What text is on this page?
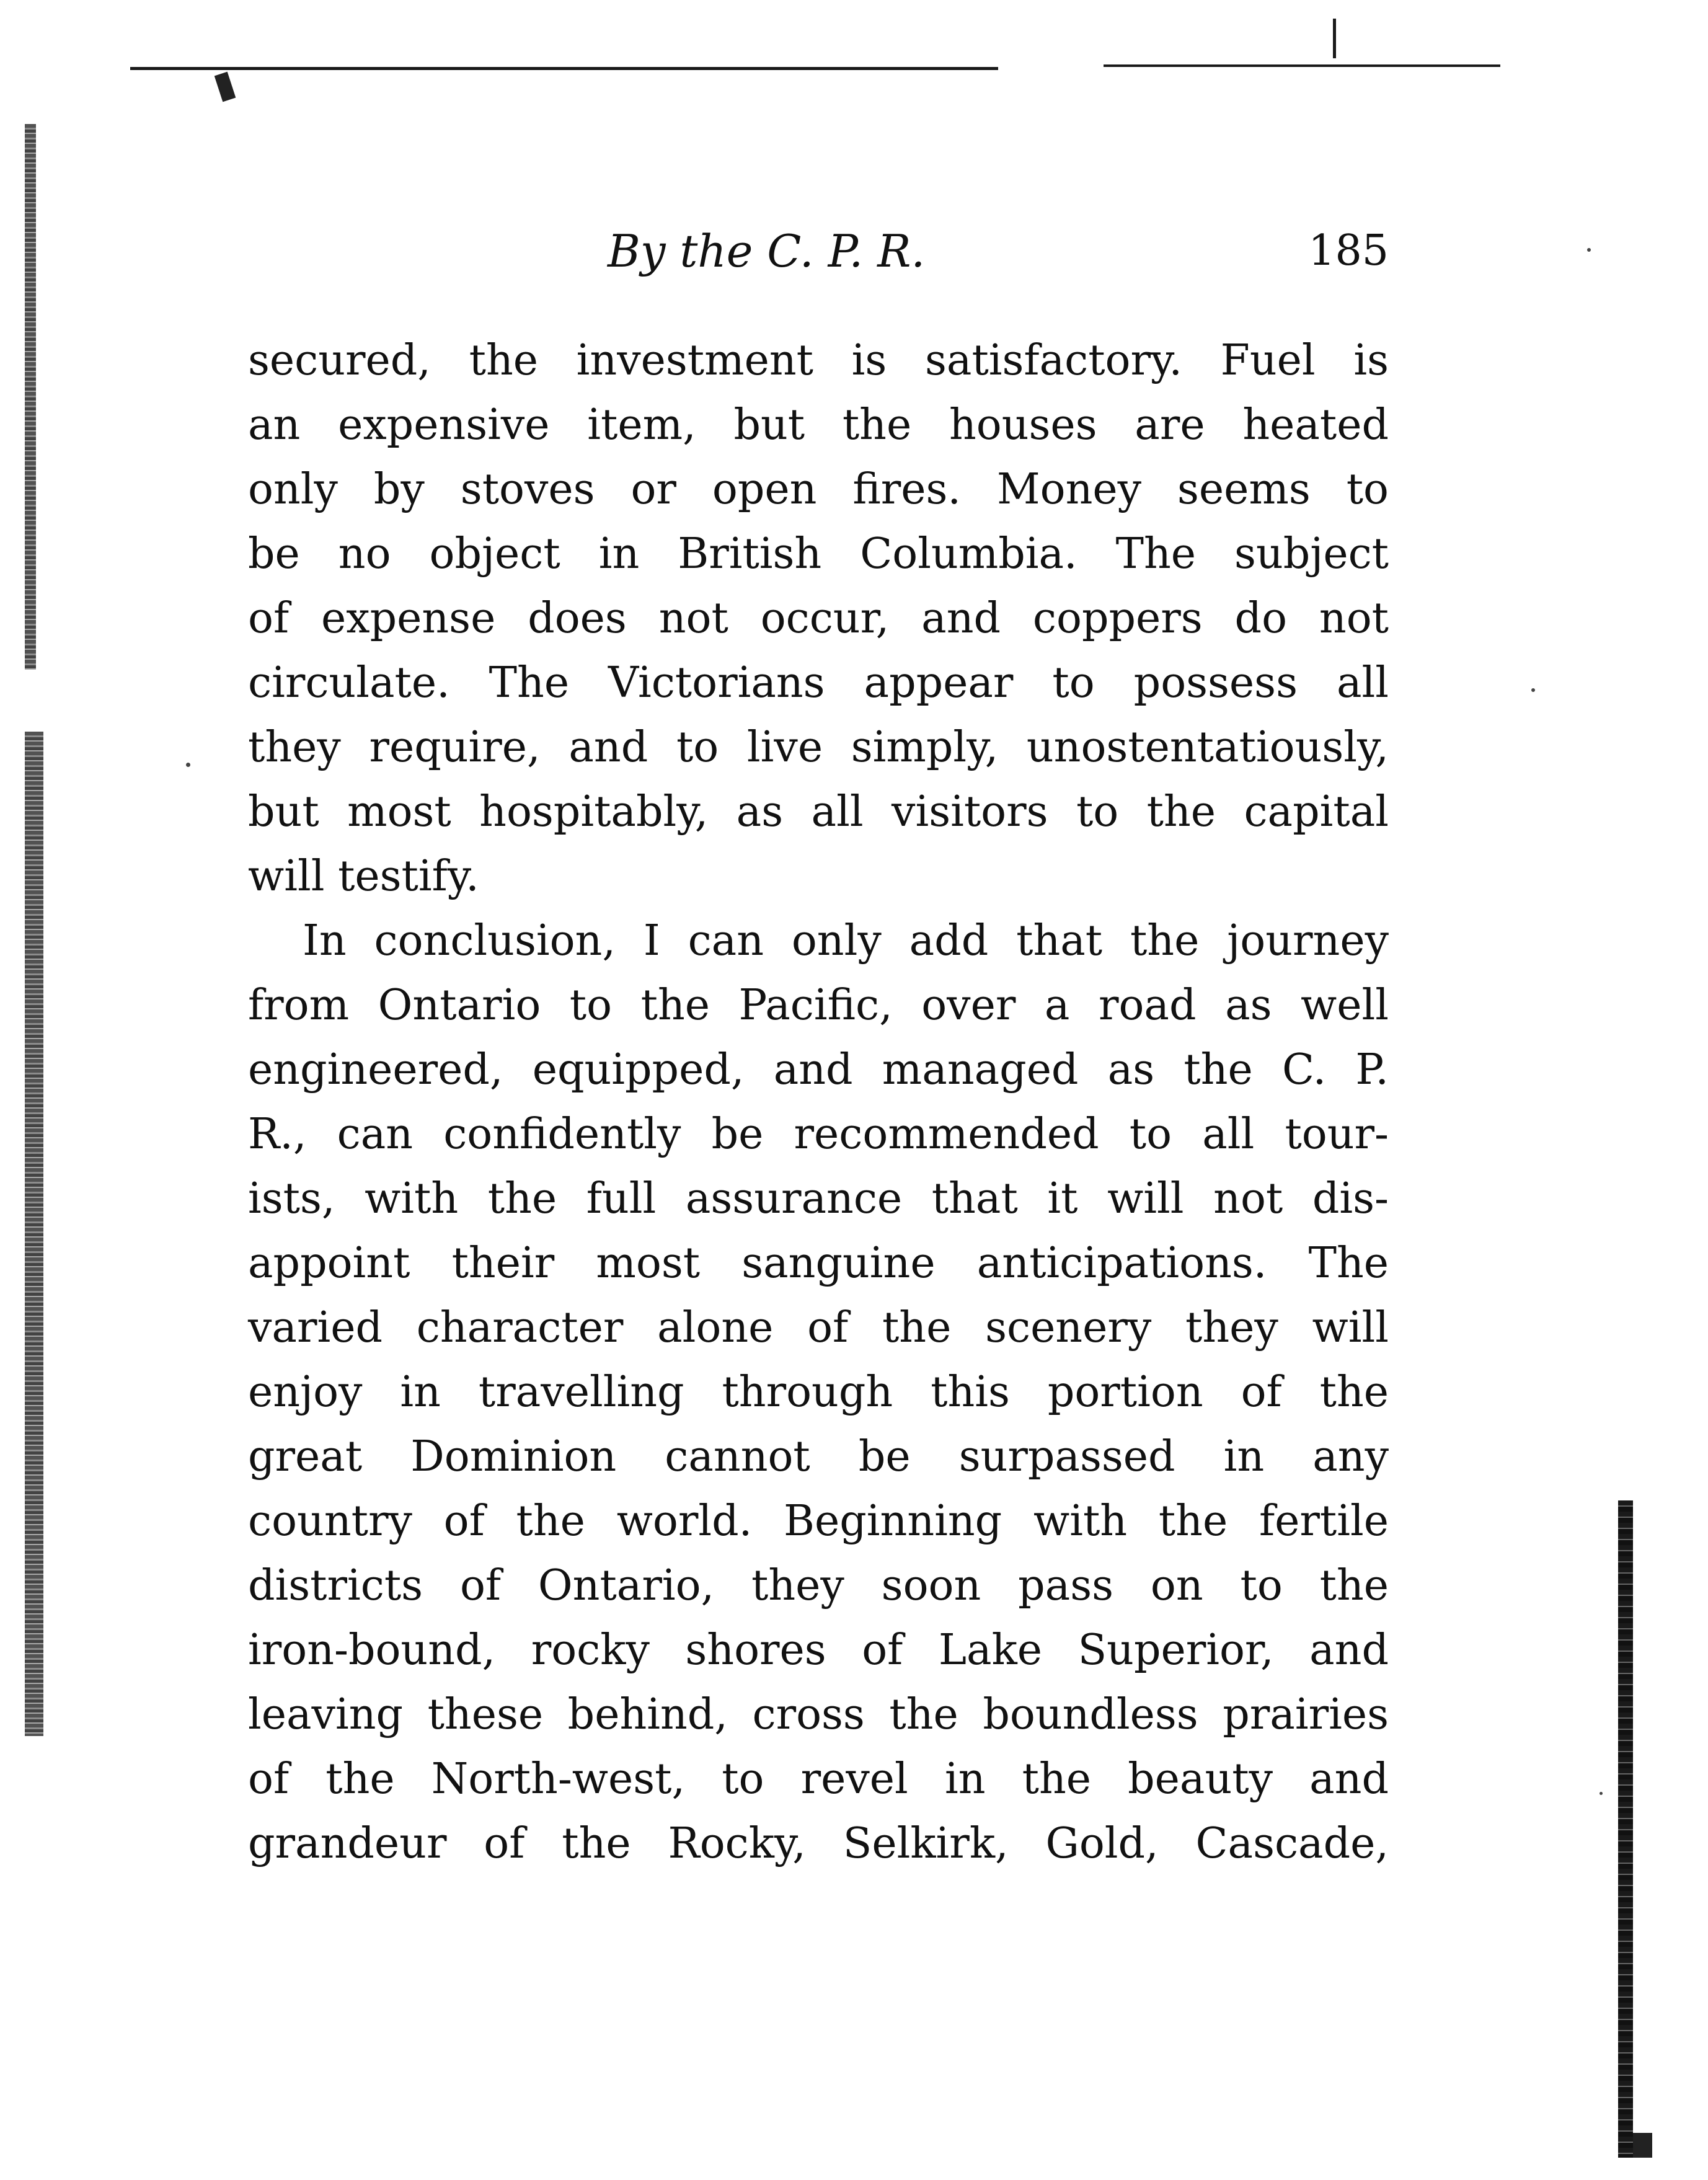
By the C. P. R.	185
secured, the investment is satisfactory. Fuel is
an expensive item, but the houses are heated
only by stoves or open fires. Money seems to
be no object in British Columbia. The subject
of expense does not occur, and coppers do not
circulate. The Victorians appear to possess all
they require, and to live simply, unostentatiously,
but most hospitably, as all visitors to the capital
will testify.
In conclusion, I can only add that the journey
from Ontario to the Pacific, over a road as well
engineered, equipped, and managed as the C. P.
R., can confidently be recommended to all tour-
ists, with the full assurance that it will not dis-
appoint their most sanguine anticipations. The
varied character alone of the scenery they will
enjoy in travelling through this portion of the
great Dominion cannot be surpassed in any
country of the world. Beginning with the fertile
districts of Ontario, they soon pass on to the
iron-bound, rocky shores of Lake Superior, and
leaving these behind, cross the boundless prairies
of the North-west, to revel in the beauty and
grandeur of the Rocky, Selkirk, Gold, Cascade,
